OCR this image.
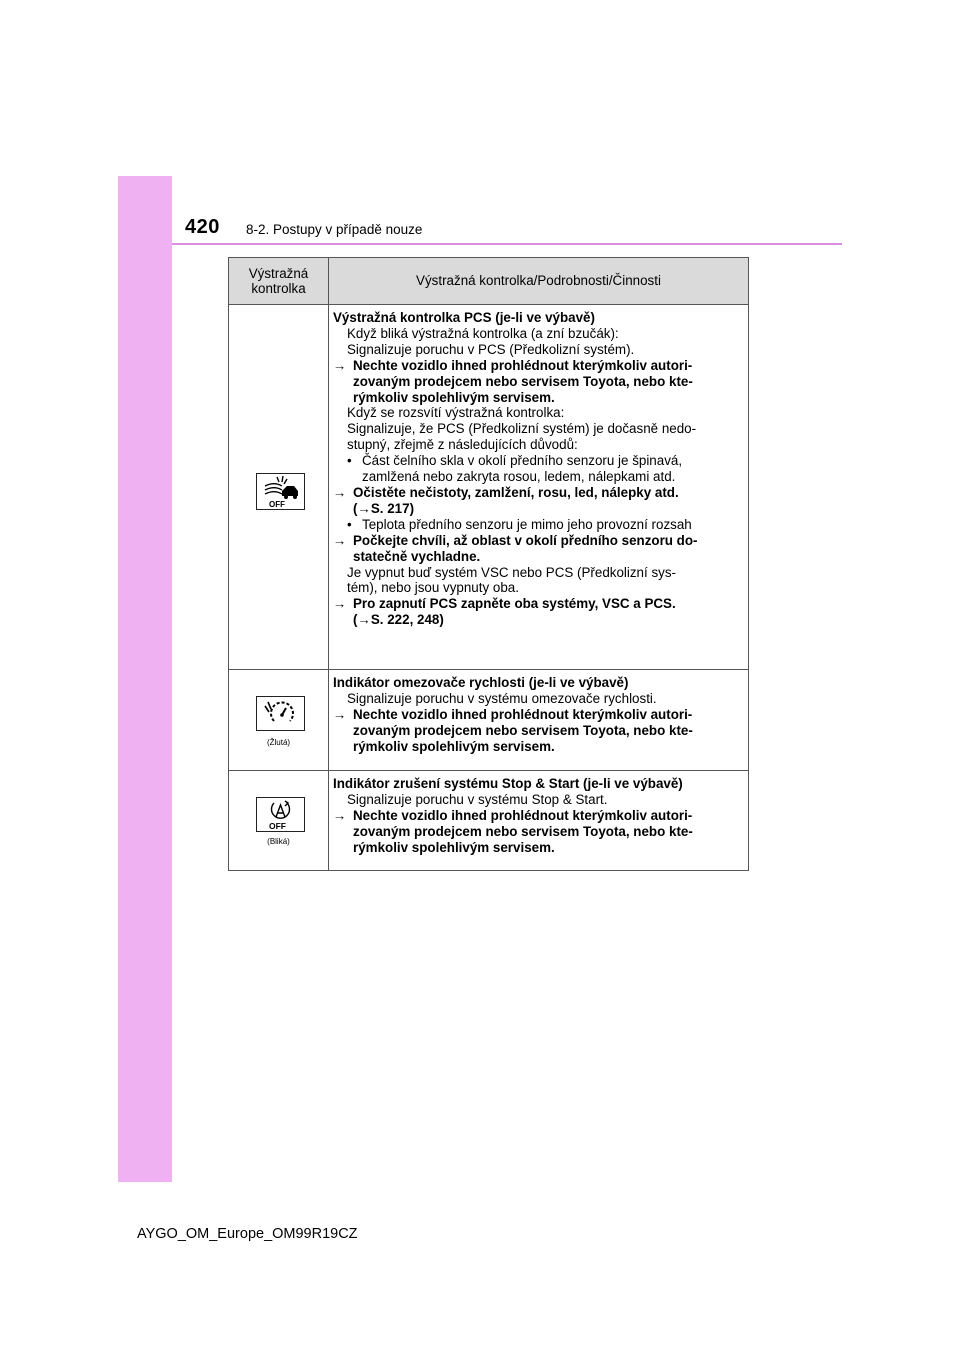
420 8-2. Postupy v případě nouze
Výstražná
kontrolka
Výstražná kontrolka/Podrobnosti/Činnosti
OFF
Výstražná kontrolka PCS (je-li ve výbavě)
Když bliká výstražná kontrolka (a zní bzučák):
Signalizuje poruchu v PCS (Předkolizní systém).
→ Nechte vozidlo ihned prohlédnout kterýmkoliv autori-
zovaným prodejcem nebo servisem Toyota, nebo kte-
rýmkoliv spolehlivým servisem.
Když se rozsvítí výstražná kontrolka:
Signalizuje, že PCS (Předkolizní systém) je dočasně nedo-
stupný, zřejmě z následujících důvodů:
• Část čelního skla v okolí předního senzoru je špinavá,
zamlžená nebo zakryta rosou, ledem, nálepkami atd.
→ Očistěte nečistoty, zamlžení, rosu, led, nálepky atd.
(→S. 217)
• Teplota předního senzoru je mimo jeho provozní rozsah
→ Počkejte chvíli, až oblast v okolí předního senzoru do-
statečně vychladne.
Je vypnut buď systém VSC nebo PCS (Předkolizní sys-
tém), nebo jsou vypnuty oba.
→ Pro zapnutí PCS zapněte oba systémy, VSC a PCS.
(→S. 222, 248)
(Žlutá)
Indikátor omezovače rychlosti (je-li ve výbavě)
Signalizuje poruchu v systému omezovače rychlosti.
→ Nechte vozidlo ihned prohlédnout kterýmkoliv autori-
zovaným prodejcem nebo servisem Toyota, nebo kte-
rýmkoliv spolehlivým servisem.
OFF
(Bliká)
Indikátor zrušení systému Stop & Start (je-li ve výbavě)
Signalizuje poruchu v systému Stop & Start.
→ Nechte vozidlo ihned prohlédnout kterýmkoliv autori-
zovaným prodejcem nebo servisem Toyota, nebo kte-
rýmkoliv spolehlivým servisem.
AYGO_OM_Europe_OM99R19CZ
